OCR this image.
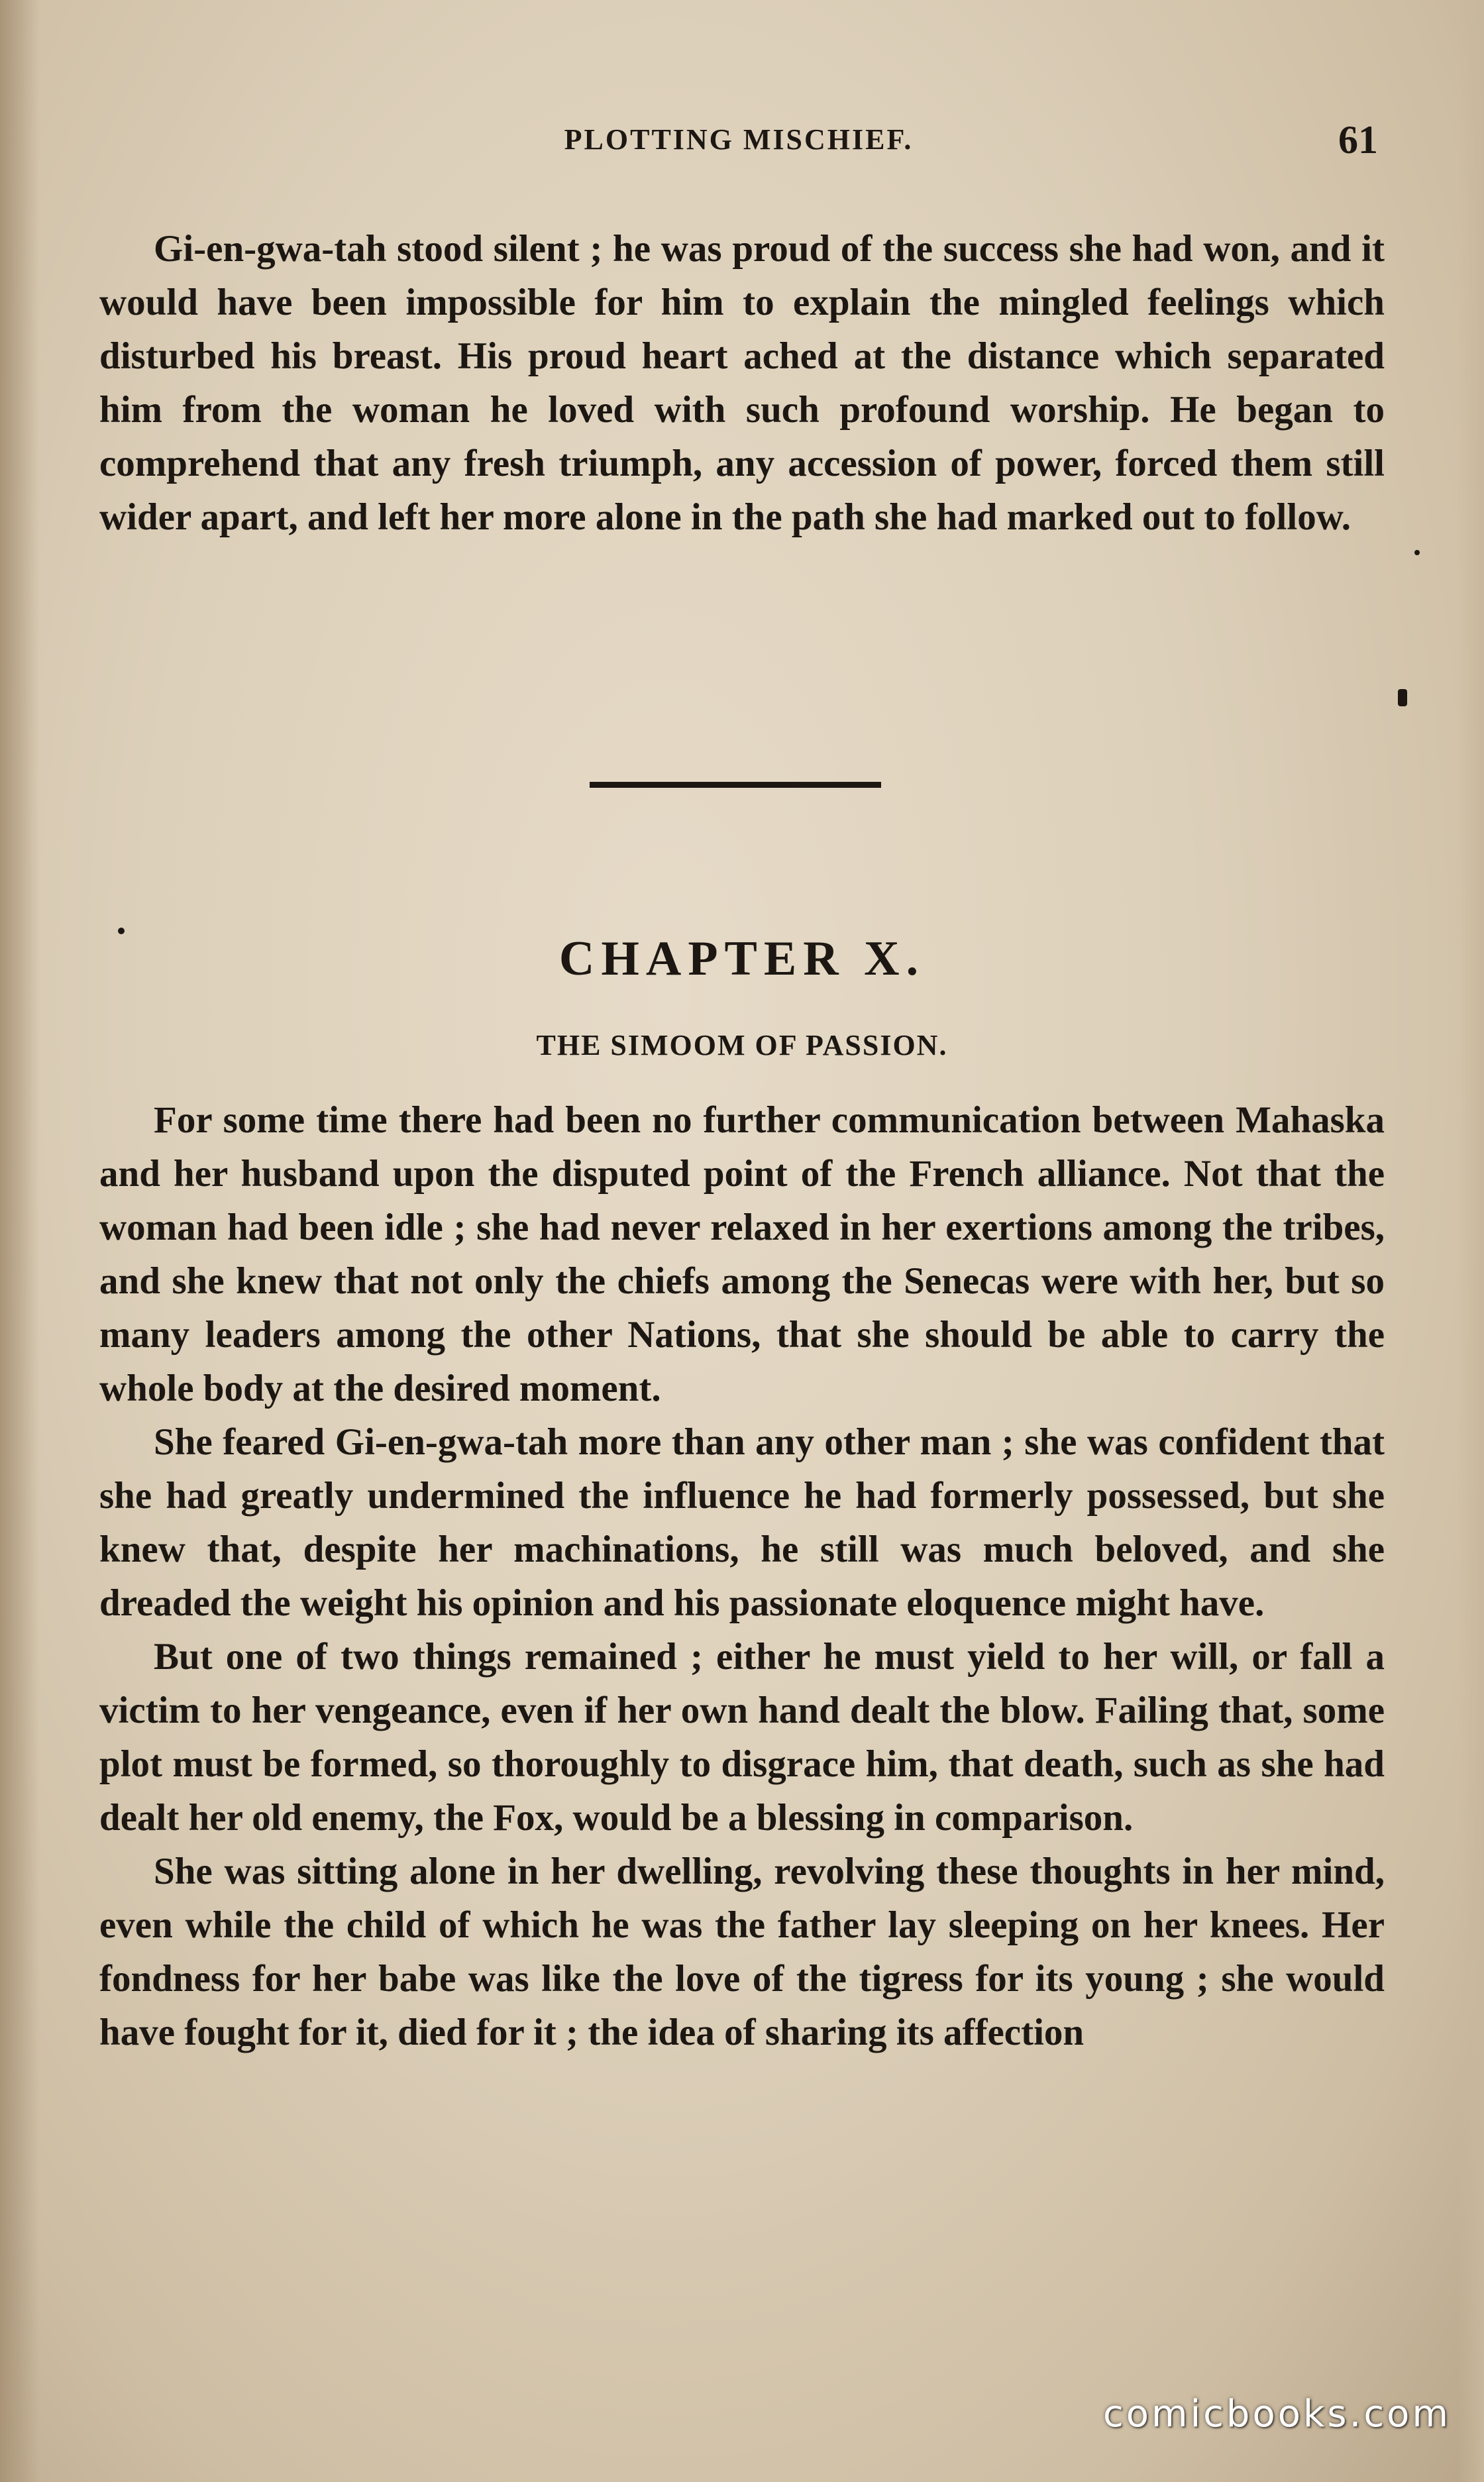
PLOTTING MISCHIEF.	61

Gi-en-gwa-tah stood silent ; he was proud of the success she had won, and it would have been impossible for him to explain the mingled feelings which disturbed his breast. His proud heart ached at the distance which separated him from the woman he loved with such profound worship. He began to comprehend that any fresh triumph, any accession of power, forced them still wider apart, and left her more alone in the path she had marked out to follow.

CHAPTER X.
THE SIMOOM OF PASSION.

For some time there had been no further communication between Mahaska and her husband upon the disputed point of the French alliance. Not that the woman had been idle ; she had never relaxed in her exertions among the tribes, and she knew that not only the chiefs among the Senecas were with her, but so many leaders among the other Nations, that she should be able to carry the whole body at the desired moment.

She feared Gi-en-gwa-tah more than any other man ; she was confident that she had greatly undermined the influence he had formerly possessed, but she knew that, despite her machinations, he still was much beloved, and she dreaded the weight his opinion and his passionate eloquence might have.

But one of two things remained ; either he must yield to her will, or fall a victim to her vengeance, even if her own hand dealt the blow. Failing that, some plot must be formed, so thoroughly to disgrace him, that death, such as she had dealt her old enemy, the Fox, would be a blessing in comparison.

She was sitting alone in her dwelling, revolving these thoughts in her mind, even while the child of which he was the father lay sleeping on her knees. Her fondness for her babe was like the love of the tigress for its young ; she would have fought for it, died for it ; the idea of sharing its affection

comicbooks.com
